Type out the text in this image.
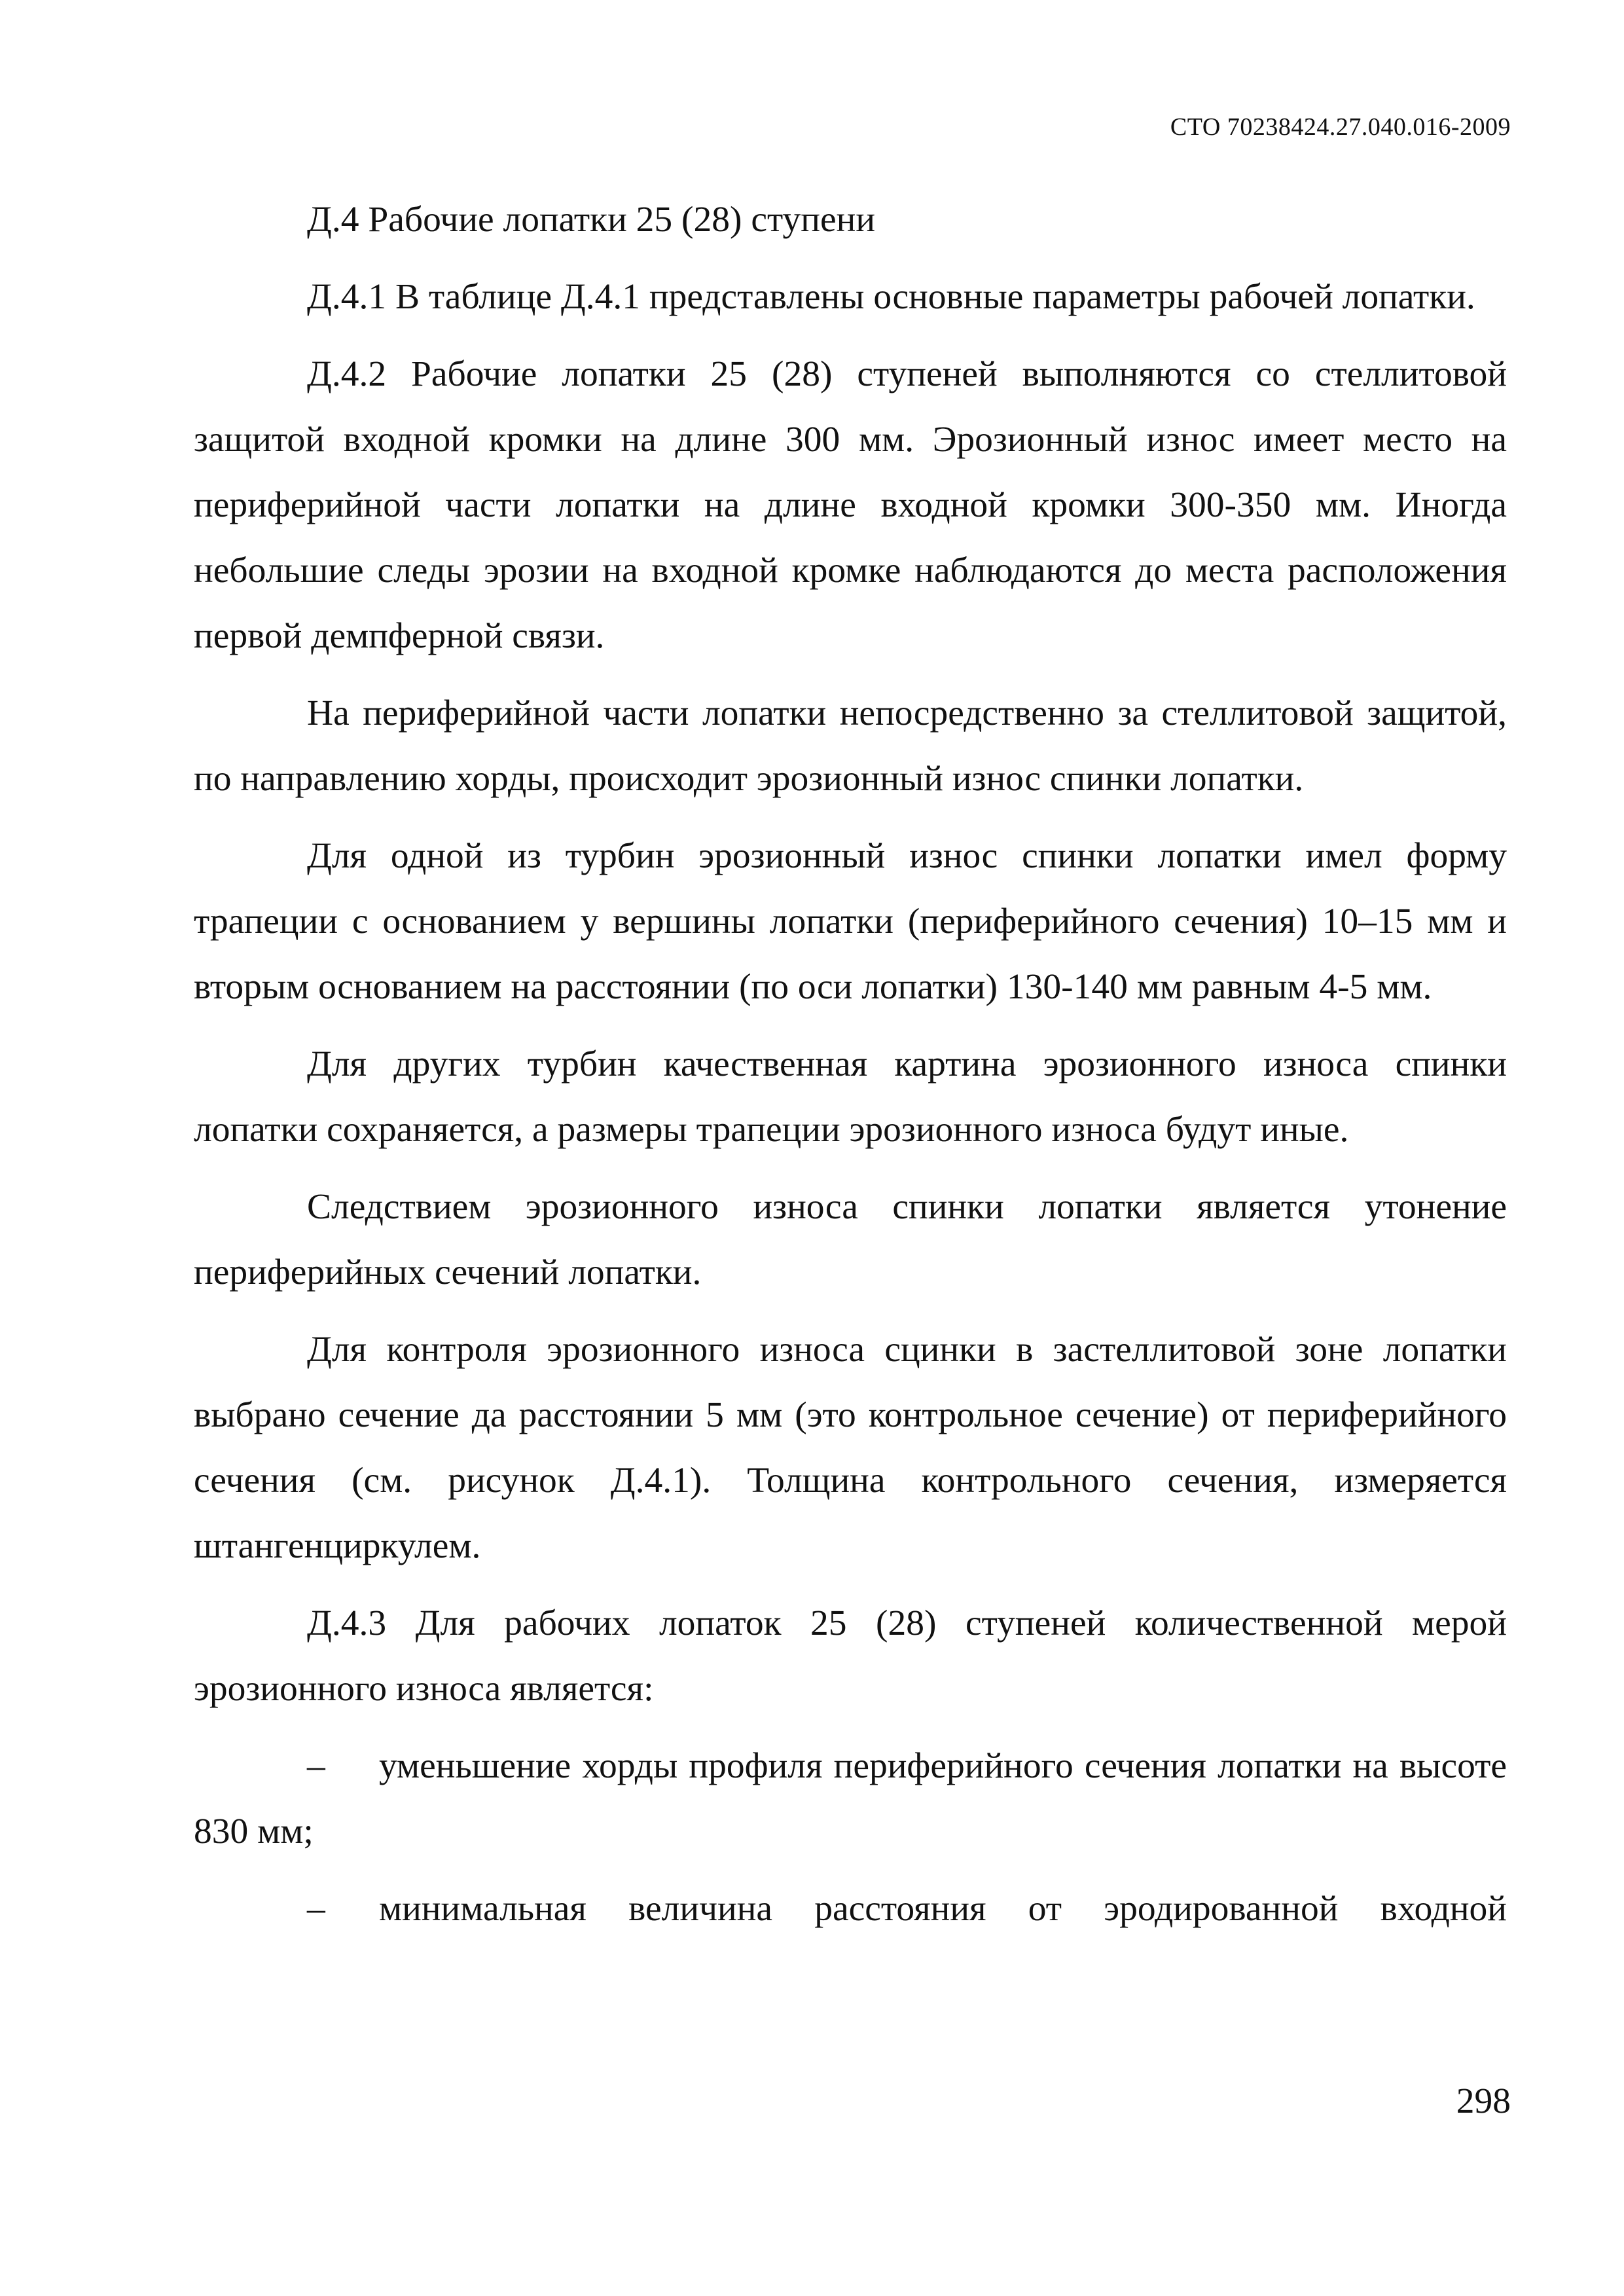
СТО 70238424.27.040.016-2009

Д.4 Рабочие лопатки 25 (28) ступени

Д.4.1 В таблице Д.4.1 представлены основные параметры рабочей лопатки.

Д.4.2 Рабочие лопатки 25 (28) ступеней выполняются со стеллитовой защитой входной кромки на длине 300 мм. Эрозионный износ имеет место на периферийной части лопатки на длине входной кромки 300-350 мм. Иногда небольшие следы эрозии на входной кромке наблюдаются до места расположения первой демпферной связи.

На периферийной части лопатки непосредственно за стеллитовой защитой, по направлению хорды, происходит эрозионный износ спинки лопатки.

Для одной из турбин эрозионный износ спинки лопатки имел форму трапеции с основанием у вершины лопатки (периферийного сечения) 10–15 мм и вторым основанием на расстоянии (по оси лопатки) 130-140 мм равным 4-5 мм.

Для других турбин качественная картина эрозионного износа спинки лопатки сохраняется, а размеры трапеции эрозионного износа будут иные.

Следствием эрозионного износа спинки лопатки является утонение периферийных сечений лопатки.

Для контроля эрозионного износа сцинки в застеллитовой зоне лопатки выбрано сечение да расстоянии 5 мм (это контрольное сечение) от периферийного сечения (см. рисунок Д.4.1). Толщина контрольного сечения, измеряется штангенциркулем.

Д.4.3 Для рабочих лопаток 25 (28) ступеней количественной мерой эрозионного износа является:

– уменьшение хорды профиля периферийного сечения лопатки на высоте 830 мм;

– минимальная величина расстояния от эродированной входной

298
